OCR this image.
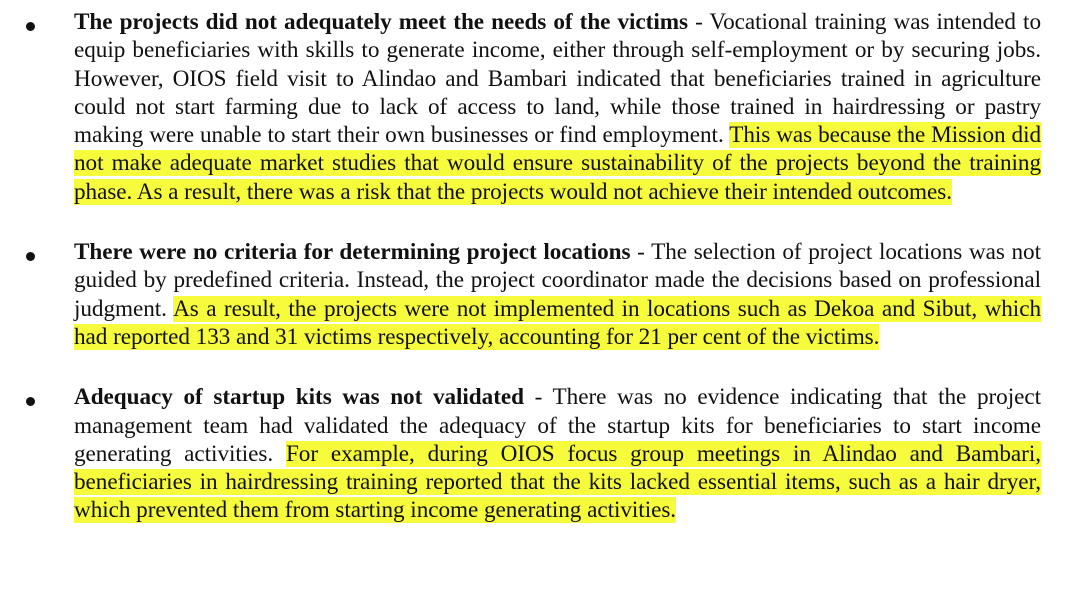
The projects did not adequately meet the needs of the victims - Vocational training was intended to equip beneficiaries with skills to generate income, either through self-employment or by securing jobs. However, OIOS field visit to Alindao and Bambari indicated that beneficiaries trained in agriculture could not start farming due to lack of access to land, while those trained in hairdressing or pastry making were unable to start their own businesses or find employment. This was because the Mission did not make adequate market studies that would ensure sustainability of the projects beyond the training phase. As a result, there was a risk that the projects would not achieve their intended outcomes.

There were no criteria for determining project locations - The selection of project locations was not guided by predefined criteria. Instead, the project coordinator made the decisions based on professional judgment. As a result, the projects were not implemented in locations such as Dekoa and Sibut, which had reported 133 and 31 victims respectively, accounting for 21 per cent of the victims.

Adequacy of startup kits was not validated - There was no evidence indicating that the project management team had validated the adequacy of the startup kits for beneficiaries to start income generating activities. For example, during OIOS focus group meetings in Alindao and Bambari, beneficiaries in hairdressing training reported that the kits lacked essential items, such as a hair dryer, which prevented them from starting income generating activities.
